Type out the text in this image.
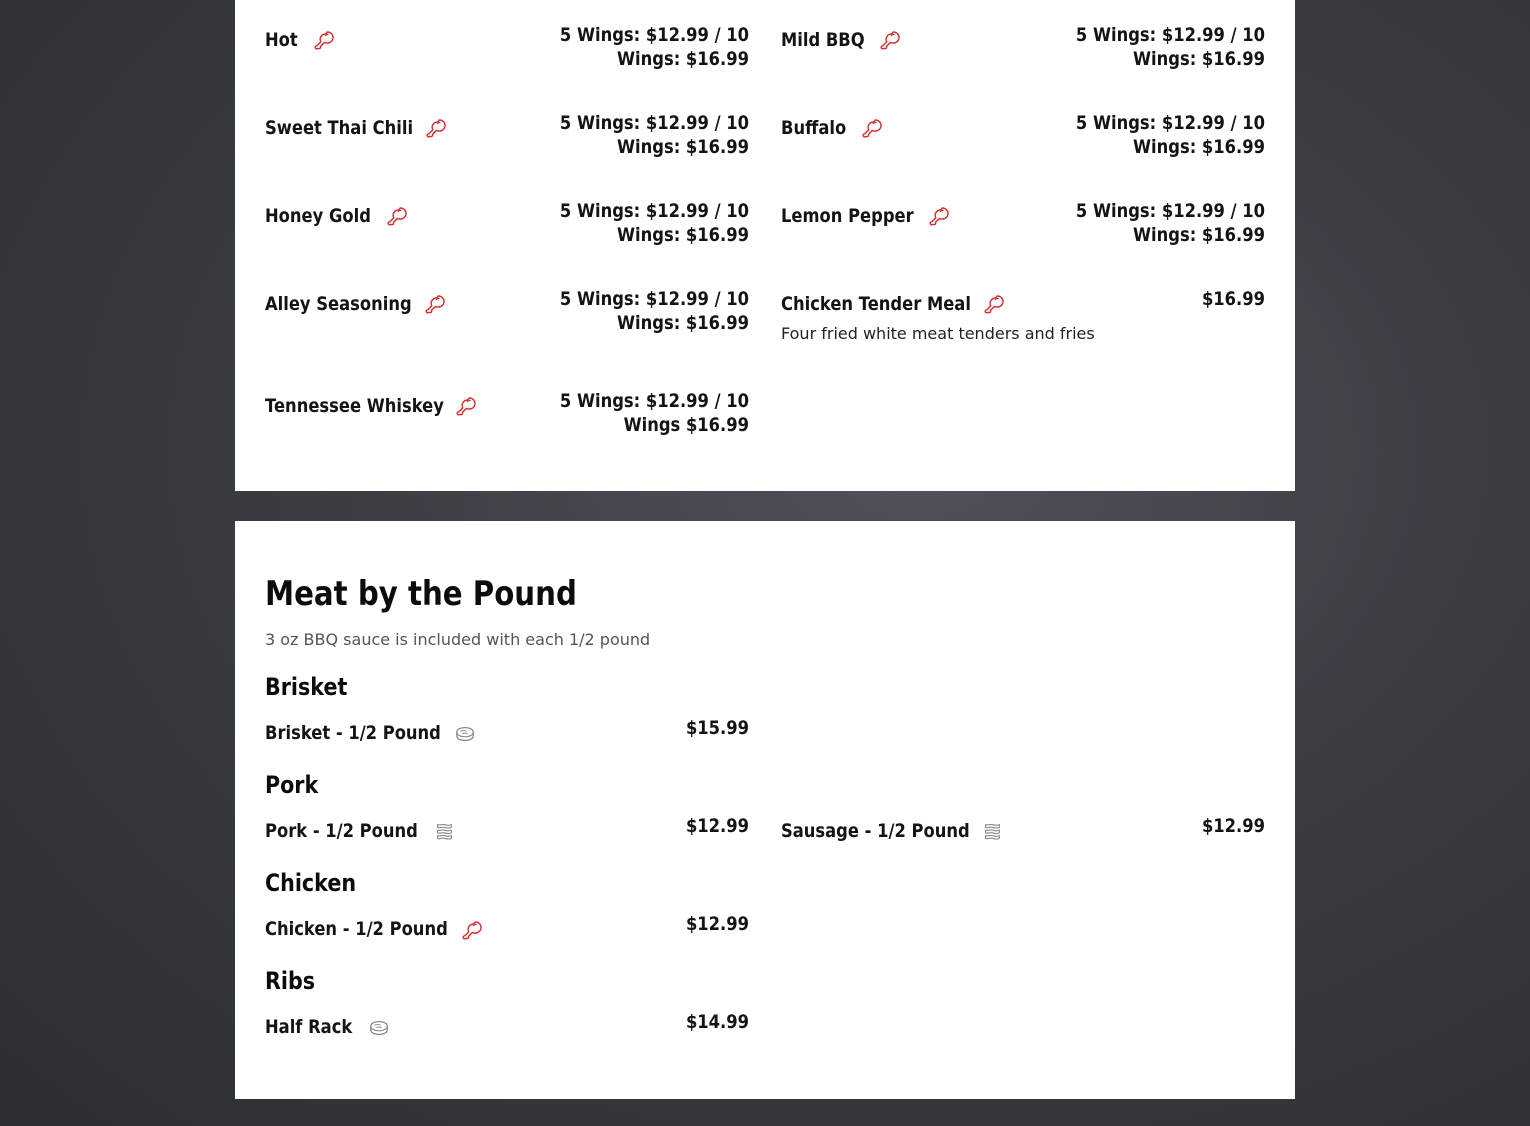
Hot	5 Wings: $12.99 / 10 Wings: $16.99
Sweet Thai Chili	5 Wings: $12.99 / 10 Wings: $16.99
Honey Gold	5 Wings: $12.99 / 10 Wings: $16.99
Alley Seasoning	5 Wings: $12.99 / 10 Wings: $16.99
Tennessee Whiskey	5 Wings: $12.99 / 10 Wings $16.99
Mild BBQ	5 Wings: $12.99 / 10 Wings: $16.99
Buffalo	5 Wings: $12.99 / 10 Wings: $16.99
Lemon Pepper	5 Wings: $12.99 / 10 Wings: $16.99
Chicken Tender Meal	$16.99
Four fried white meat tenders and fries
Meat by the Pound
3 oz BBQ sauce is included with each 1/2 pound
Brisket
Brisket - 1/2 Pound	$15.99
Pork
Pork - 1/2 Pound	$12.99 Sausage - 1/2 Pound	$12.99
Chicken
Chicken - 1/2 Pound	$12.99
Ribs
Half Rack	$14.99
